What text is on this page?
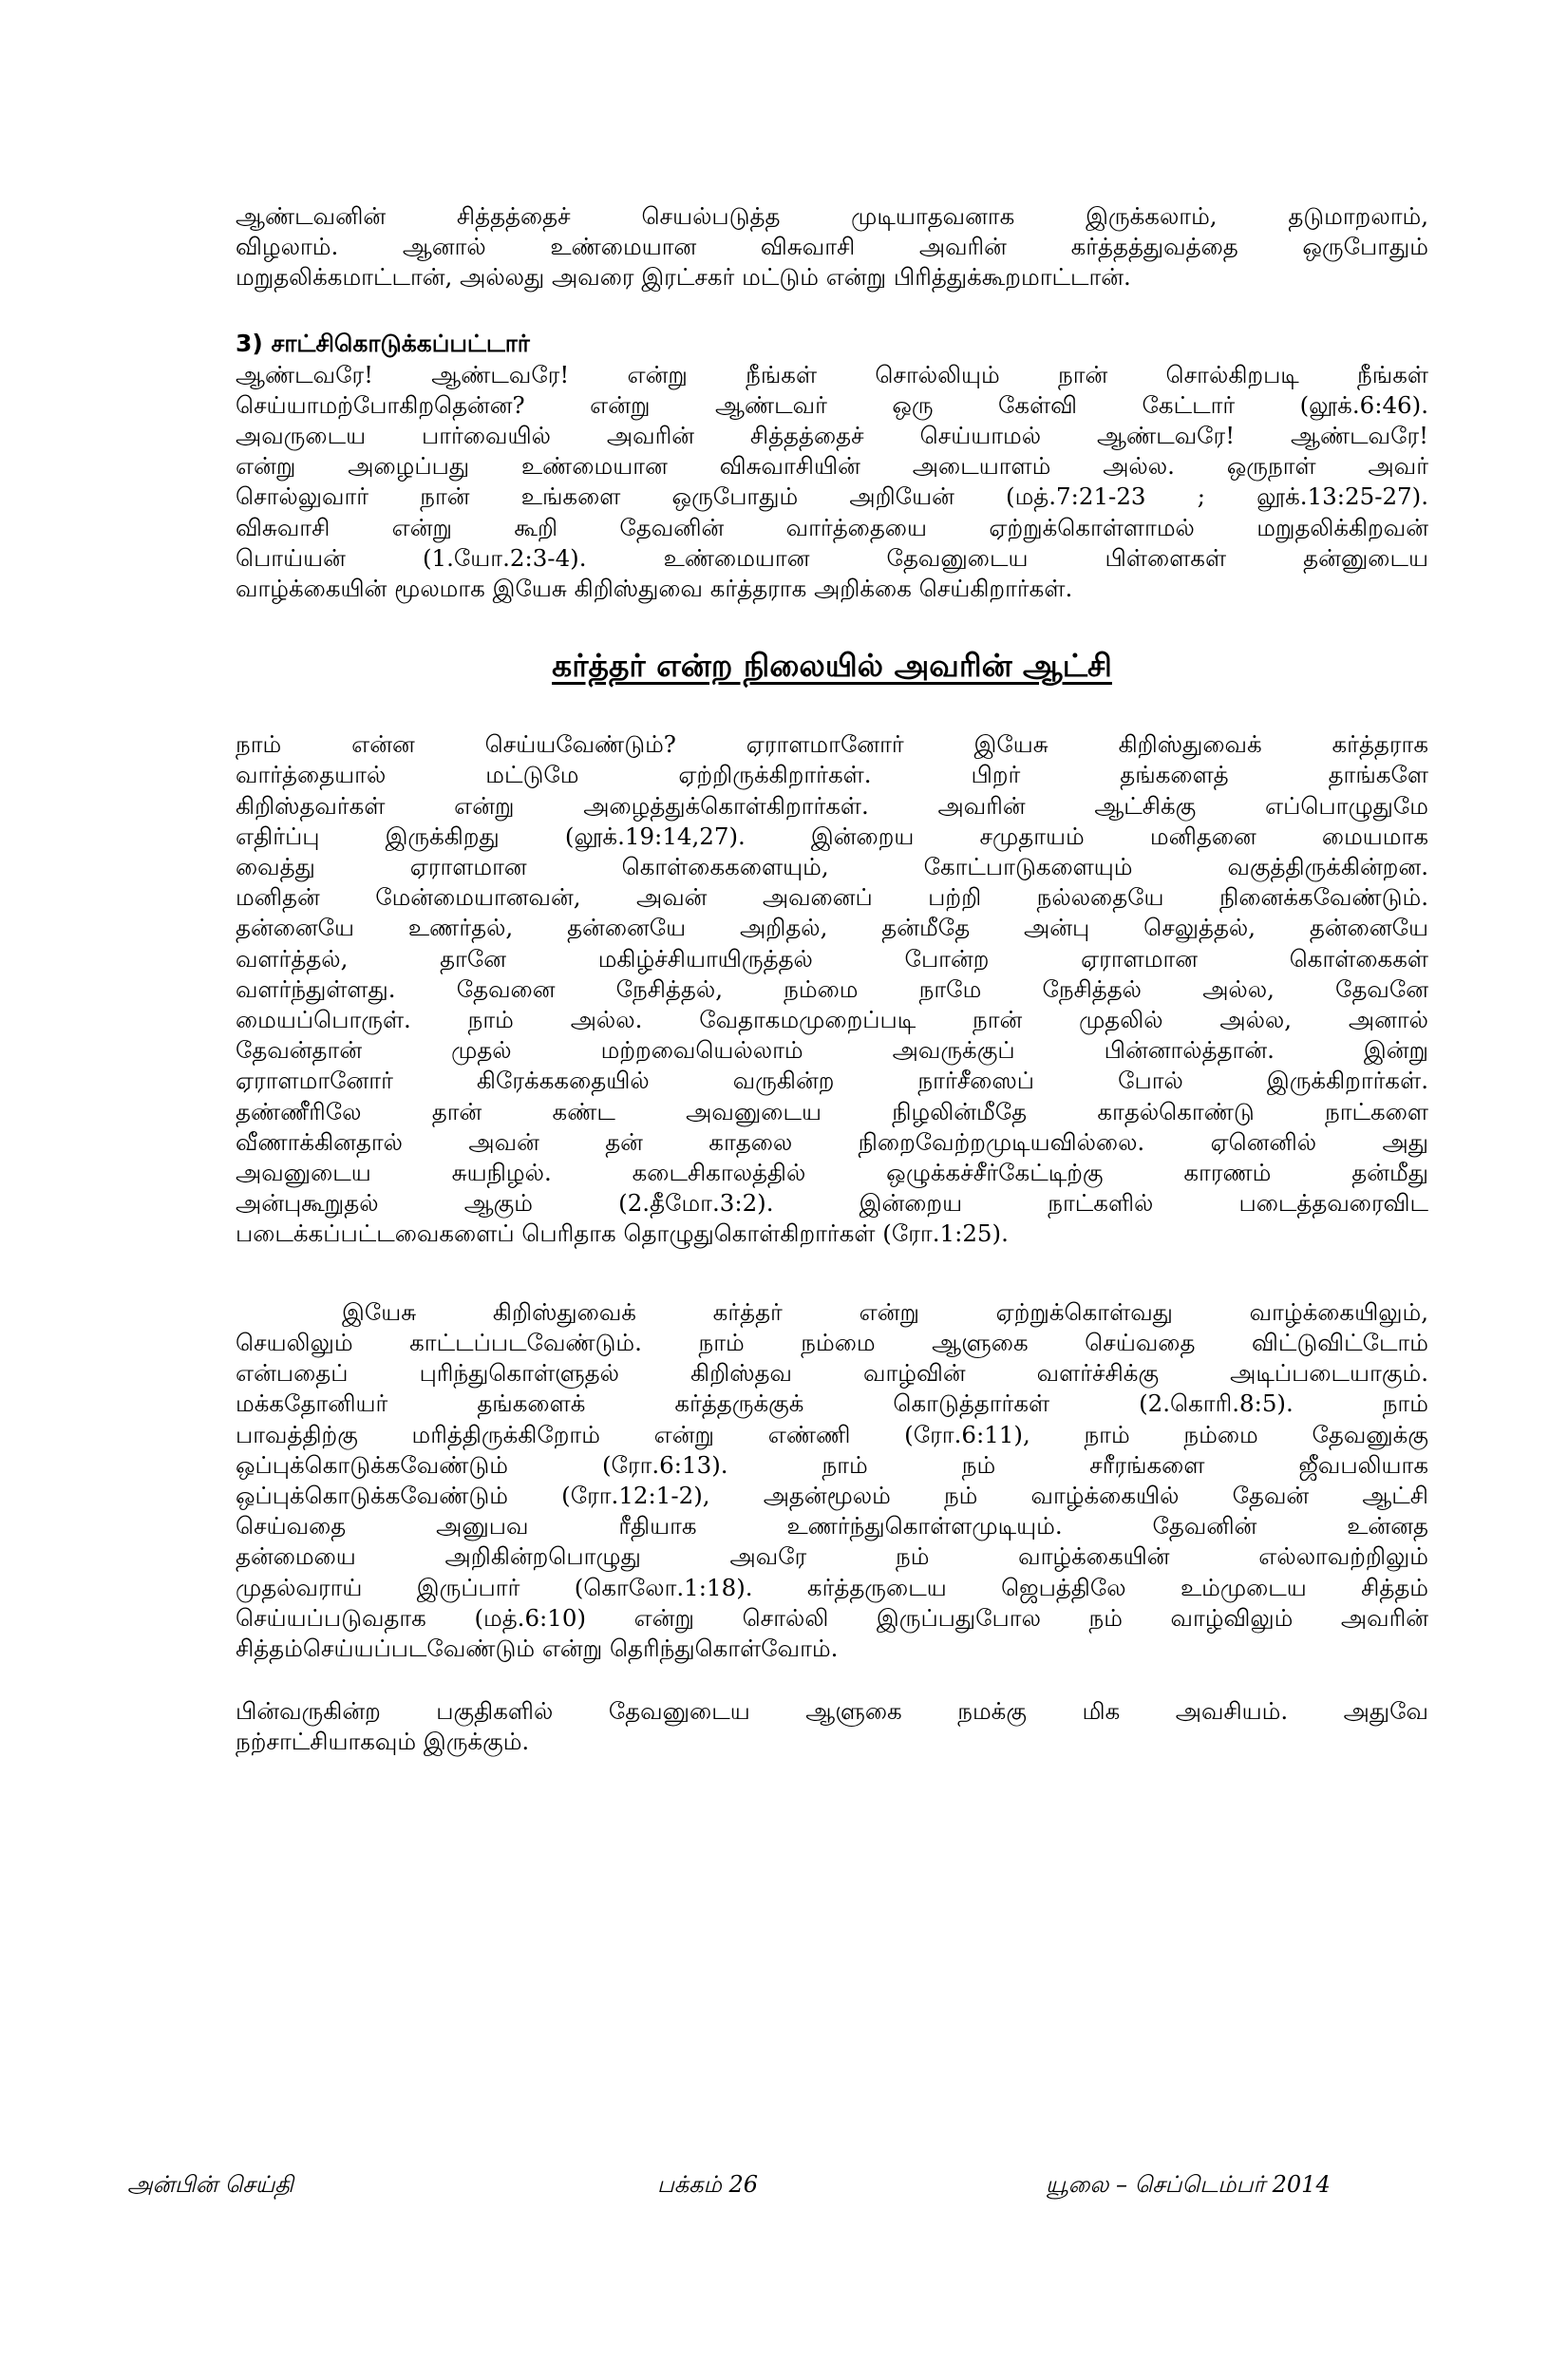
ஆண்டவனின் சித்தத்தைச் செயல்படுத்த முடியாதவனாக இருக்கலாம், தடுமாறலாம்,
விழலாம். ஆனால் உண்மையான விசுவாசி அவரின் கர்த்தத்துவத்தை ஒருபோதும்
மறுதலிக்கமாட்டான், அல்லது அவரை இரட்சகர் மட்டும் என்று பிரித்துக்கூறமாட்டான்.
3) சாட்சிகொடுக்கப்பட்டார்
ஆண்டவரே! ஆண்டவரே! என்று நீங்கள் சொல்லியும் நான் சொல்கிறபடி நீங்கள்
செய்யாமற்போகிறதென்ன? என்று ஆண்டவர் ஒரு கேள்வி கேட்டார் (லூக்.6:46).
அவருடைய பார்வையில் அவரின் சித்தத்தைச் செய்யாமல் ஆண்டவரே! ஆண்டவரே!
என்று அழைப்பது உண்மையான விசுவாசியின் அடையாளம் அல்ல. ஒருநாள் அவர்
சொல்லுவார் நான் உங்களை ஒருபோதும் அறியேன் (மத்.7:21-23 ; லூக்.13:25-27).
விசுவாசி என்று கூறி தேவனின் வார்த்தையை ஏற்றுக்கொள்ளாமல் மறுதலிக்கிறவன்
பொய்யன் (1.யோ.2:3-4). உண்மையான தேவனுடைய பிள்ளைகள் தன்னுடைய
வாழ்க்கையின் மூலமாக இயேசு கிறிஸ்துவை கர்த்தராக அறிக்கை செய்கிறார்கள்.
கர்த்தர் என்ற நிலையில் அவரின் ஆட்சி
நாம் என்ன செய்யவேண்டும்? ஏராளமானோர் இயேசு கிறிஸ்துவைக் கர்த்தராக
வார்த்தையால் மட்டுமே ஏற்றிருக்கிறார்கள். பிறர் தங்களைத் தாங்களே
கிறிஸ்தவர்கள் என்று அழைத்துக்கொள்கிறார்கள். அவரின் ஆட்சிக்கு எப்பொழுதுமே
எதிர்ப்பு இருக்கிறது (லூக்.19:14,27). இன்றைய சமுதாயம் மனிதனை மையமாக
வைத்து ஏராளமான கொள்கைகளையும், கோட்பாடுகளையும் வகுத்திருக்கின்றன.
மனிதன் மேன்மையானவன், அவன் அவனைப் பற்றி நல்லதையே நினைக்கவேண்டும்.
தன்னையே உணர்தல், தன்னையே அறிதல், தன்மீதே அன்பு செலுத்தல், தன்னையே
வளர்த்தல், தானே மகிழ்ச்சியாயிருத்தல் போன்ற ஏராளமான கொள்கைகள்
வளர்ந்துள்ளது. தேவனை நேசித்தல், நம்மை நாமே நேசித்தல் அல்ல, தேவனே
மையப்பொருள். நாம் அல்ல. வேதாகமமுறைப்படி நான் முதலில் அல்ல, அனால்
தேவன்தான் முதல் மற்றவையெல்லாம் அவருக்குப் பின்னால்த்தான். இன்று
ஏராளமானோர் கிரேக்ககதையில் வருகின்ற நார்சீஸைப் போல் இருக்கிறார்கள்.
தண்ணீரிலே தான் கண்ட அவனுடைய நிழலின்மீதே காதல்கொண்டு நாட்களை
வீணாக்கினதால் அவன் தன் காதலை நிறைவேற்றமுடியவில்லை. ஏனெனில் அது
அவனுடைய சுயநிழல். கடைசிகாலத்தில் ஒழுக்கச்சீர்கேட்டிற்கு காரணம் தன்மீது
அன்புகூறுதல் ஆகும் (2.தீமோ.3:2). இன்றைய நாட்களில் படைத்தவரைவிட
படைக்கப்பட்டவைகளைப் பெரிதாக தொழுதுகொள்கிறார்கள் (ரோ.1:25).
இயேசு கிறிஸ்துவைக் கர்த்தர் என்று ஏற்றுக்கொள்வது வாழ்க்கையிலும்,
செயலிலும் காட்டப்படவேண்டும். நாம் நம்மை ஆளுகை செய்வதை விட்டுவிட்டோம்
என்பதைப் புரிந்துகொள்ளுதல் கிறிஸ்தவ வாழ்வின் வளர்ச்சிக்கு அடிப்படையாகும்.
மக்கதோனியர் தங்களைக் கர்த்தருக்குக் கொடுத்தார்கள் (2.கொரி.8:5). நாம்
பாவத்திற்கு மரித்திருக்கிறோம் என்று எண்ணி (ரோ.6:11), நாம் நம்மை தேவனுக்கு
ஒப்புக்கொடுக்கவேண்டும் (ரோ.6:13). நாம் நம் சரீரங்களை ஜீவபலியாக
ஒப்புக்கொடுக்கவேண்டும் (ரோ.12:1-2), அதன்மூலம் நம் வாழ்க்கையில் தேவன் ஆட்சி
செய்வதை அனுபவ ரீதியாக உணர்ந்துகொள்ளமுடியும். தேவனின் உன்னத
தன்மையை அறிகின்றபொழுது அவரே நம் வாழ்க்கையின் எல்லாவற்றிலும்
முதல்வராய் இருப்பார் (கொலோ.1:18). கர்த்தருடைய ஜெபத்திலே உம்முடைய சித்தம்
செய்யப்படுவதாக (மத்.6:10) என்று சொல்லி இருப்பதுபோல நம் வாழ்விலும் அவரின்
சித்தம்செய்யப்படவேண்டும் என்று தெரிந்துகொள்வோம்.
பின்வருகின்ற பகுதிகளில் தேவனுடைய ஆளுகை நமக்கு மிக அவசியம். அதுவே
நற்சாட்சியாகவும் இருக்கும்.
அன்பின் செய்தி	பக்கம் 26	யூலை – செப்டெம்பர் 2014
